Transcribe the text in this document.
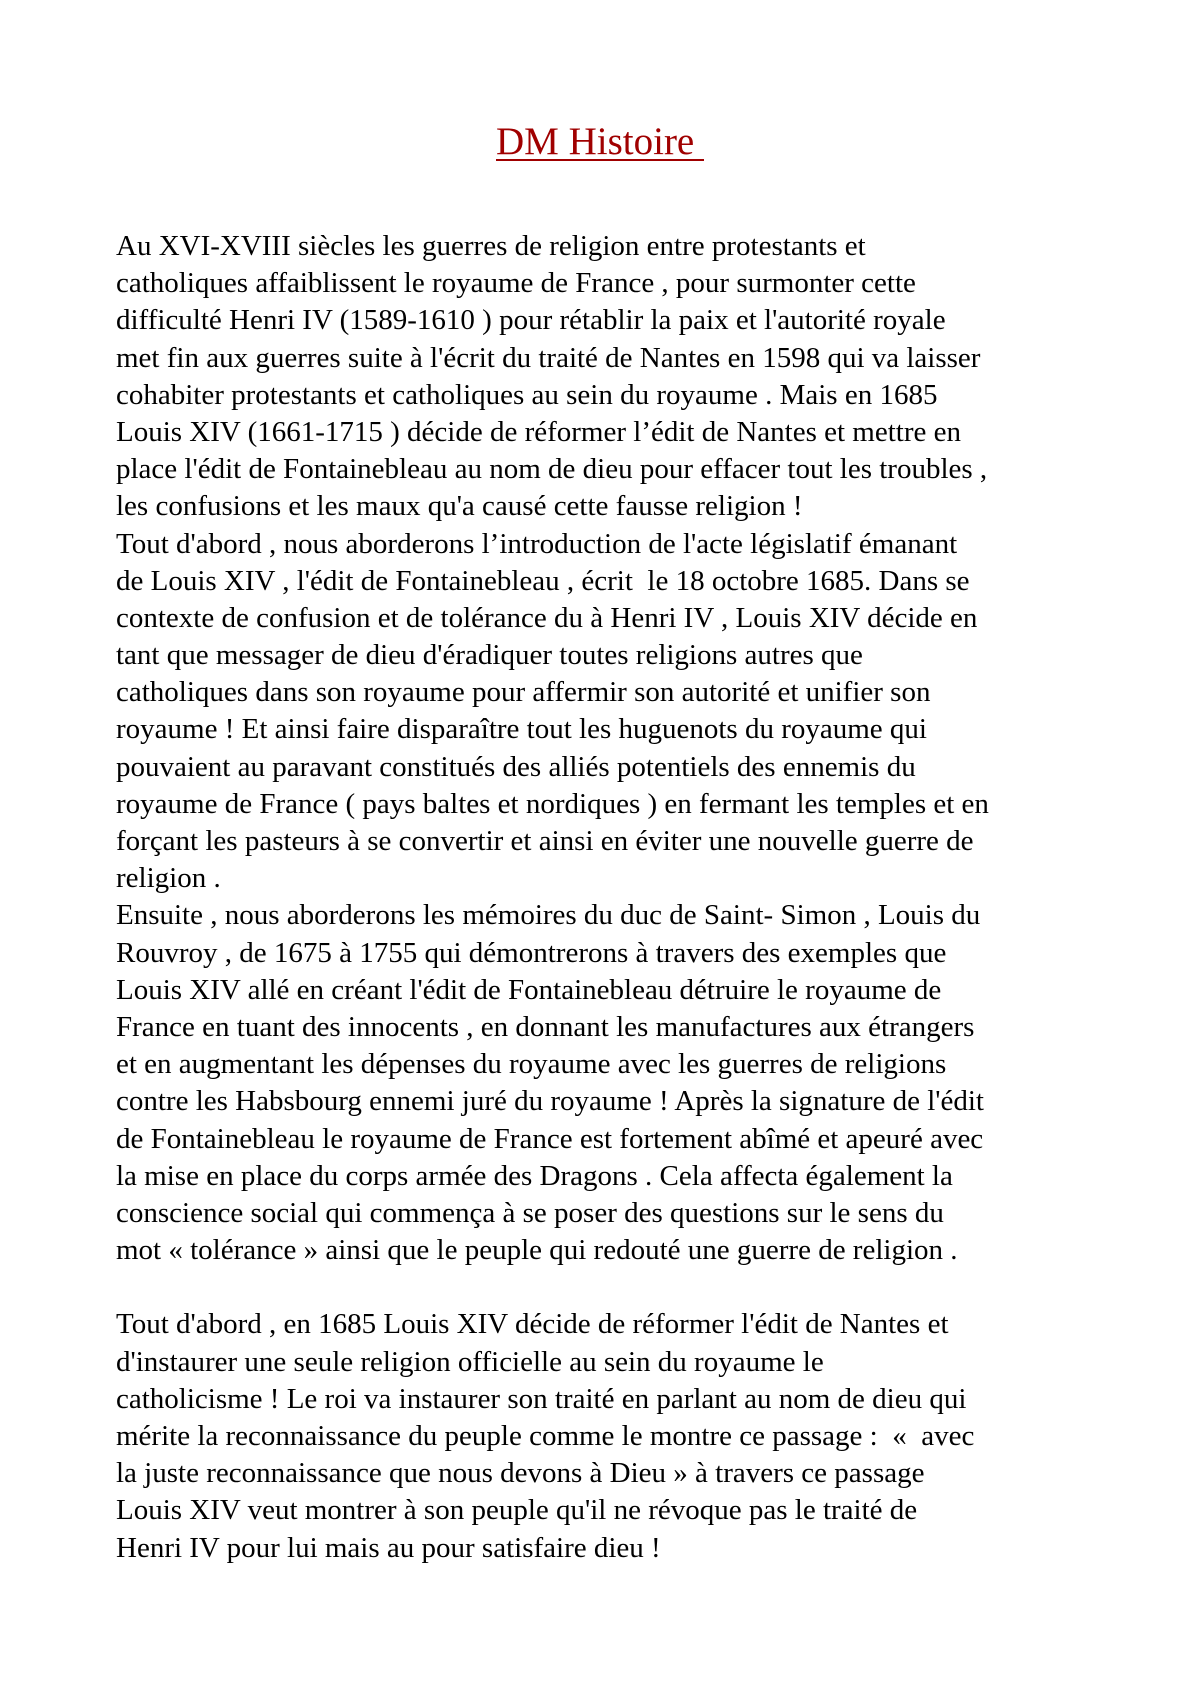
DM Histoire
Au XVI-XVIII siècles les guerres de religion entre protestants et
catholiques affaiblissent le royaume de France , pour surmonter cette
difficulté Henri IV (1589-1610 ) pour rétablir la paix et l'autorité royale
met fin aux guerres suite à l'écrit du traité de Nantes en 1598 qui va laisser
cohabiter protestants et catholiques au sein du royaume . Mais en 1685
Louis XIV (1661-1715 ) décide de réformer l’édit de Nantes et mettre en
place l'édit de Fontainebleau au nom de dieu pour effacer tout les troubles ,
les confusions et les maux qu'a causé cette fausse religion !
Tout d'abord , nous aborderons l’introduction de l'acte législatif émanant
de Louis XIV , l'édit de Fontainebleau , écrit  le 18 octobre 1685. Dans se
contexte de confusion et de tolérance du à Henri IV , Louis XIV décide en
tant que messager de dieu d'éradiquer toutes religions autres que
catholiques dans son royaume pour affermir son autorité et unifier son
royaume ! Et ainsi faire disparaître tout les huguenots du royaume qui
pouvaient au paravant constitués des alliés potentiels des ennemis du
royaume de France ( pays baltes et nordiques ) en fermant les temples et en
forçant les pasteurs à se convertir et ainsi en éviter une nouvelle guerre de
religion .
Ensuite , nous aborderons les mémoires du duc de Saint- Simon , Louis du
Rouvroy , de 1675 à 1755 qui démontrerons à travers des exemples que
Louis XIV allé en créant l'édit de Fontainebleau détruire le royaume de
France en tuant des innocents , en donnant les manufactures aux étrangers
et en augmentant les dépenses du royaume avec les guerres de religions
contre les Habsbourg ennemi juré du royaume ! Après la signature de l'édit
de Fontainebleau le royaume de France est fortement abîmé et apeuré avec
la mise en place du corps armée des Dragons . Cela affecta également la
conscience social qui commença à se poser des questions sur le sens du
mot « tolérance » ainsi que le peuple qui redouté une guerre de religion .
Tout d'abord , en 1685 Louis XIV décide de réformer l'édit de Nantes et
d'instaurer une seule religion officielle au sein du royaume le
catholicisme ! Le roi va instaurer son traité en parlant au nom de dieu qui
mérite la reconnaissance du peuple comme le montre ce passage :  «  avec
la juste reconnaissance que nous devons à Dieu » à travers ce passage
Louis XIV veut montrer à son peuple qu'il ne révoque pas le traité de
Henri IV pour lui mais au pour satisfaire dieu !
